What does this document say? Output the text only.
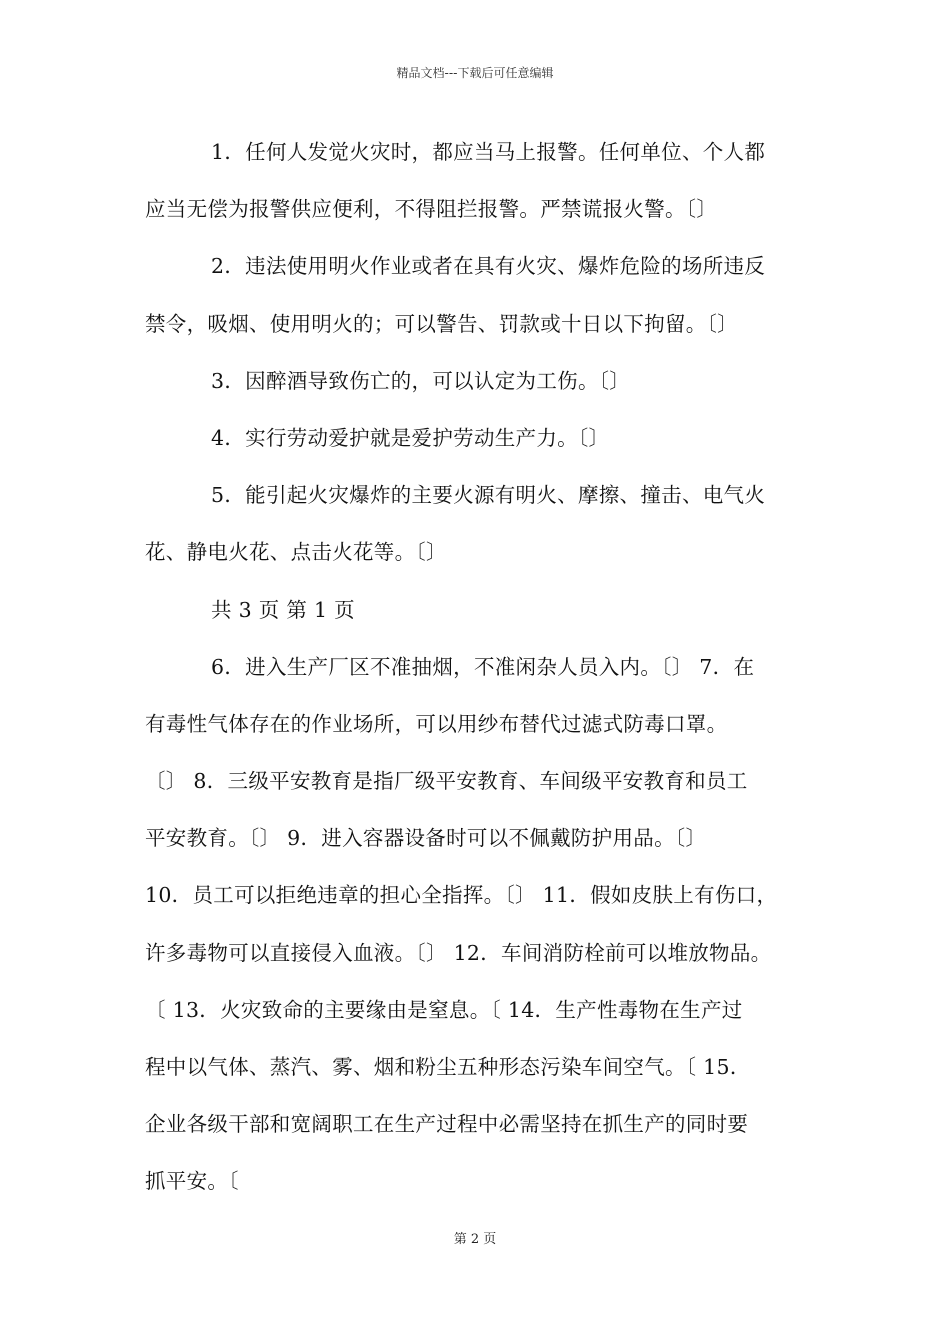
精品文档---下载后可任意编辑
1．任何人发觉火灾时，都应当马上报警。任何单位、个人都
应当无偿为报警供应便利，不得阻拦报警。严禁谎报火警。〔〕
2．违法使用明火作业或者在具有火灾、爆炸危险的场所违反
禁令，吸烟、使用明火的；可以警告、罚款或十日以下拘留。〔〕
3．因醉酒导致伤亡的，可以认定为工伤。〔〕
4．实行劳动爱护就是爱护劳动生产力。〔〕
5．能引起火灾爆炸的主要火源有明火、摩擦、撞击、电气火
花、静电火花、点击火花等。〔〕
共 3 页 第 1 页
6．进入生产厂区不准抽烟，不准闲杂人员入内。〔〕 7．在
有毒性气体存在的作业场所，可以用纱布替代过滤式防毒口罩。
〔〕 8．三级平安教育是指厂级平安教育、车间级平安教育和员工
平安教育。〔〕 9．进入容器设备时可以不佩戴防护用品。〔〕
10．员工可以拒绝违章的担心全指挥。〔〕 11．假如皮肤上有伤口，
许多毒物可以直接侵入血液。〔〕 12．车间消防栓前可以堆放物品。
〔 13．火灾致命的主要缘由是窒息。〔 14．生产性毒物在生产过
程中以气体、蒸汽、雾、烟和粉尘五种形态污染车间空气。〔 15．
企业各级干部和宽阔职工在生产过程中必需坚持在抓生产的同时要
抓平安。〔
第 2 页
